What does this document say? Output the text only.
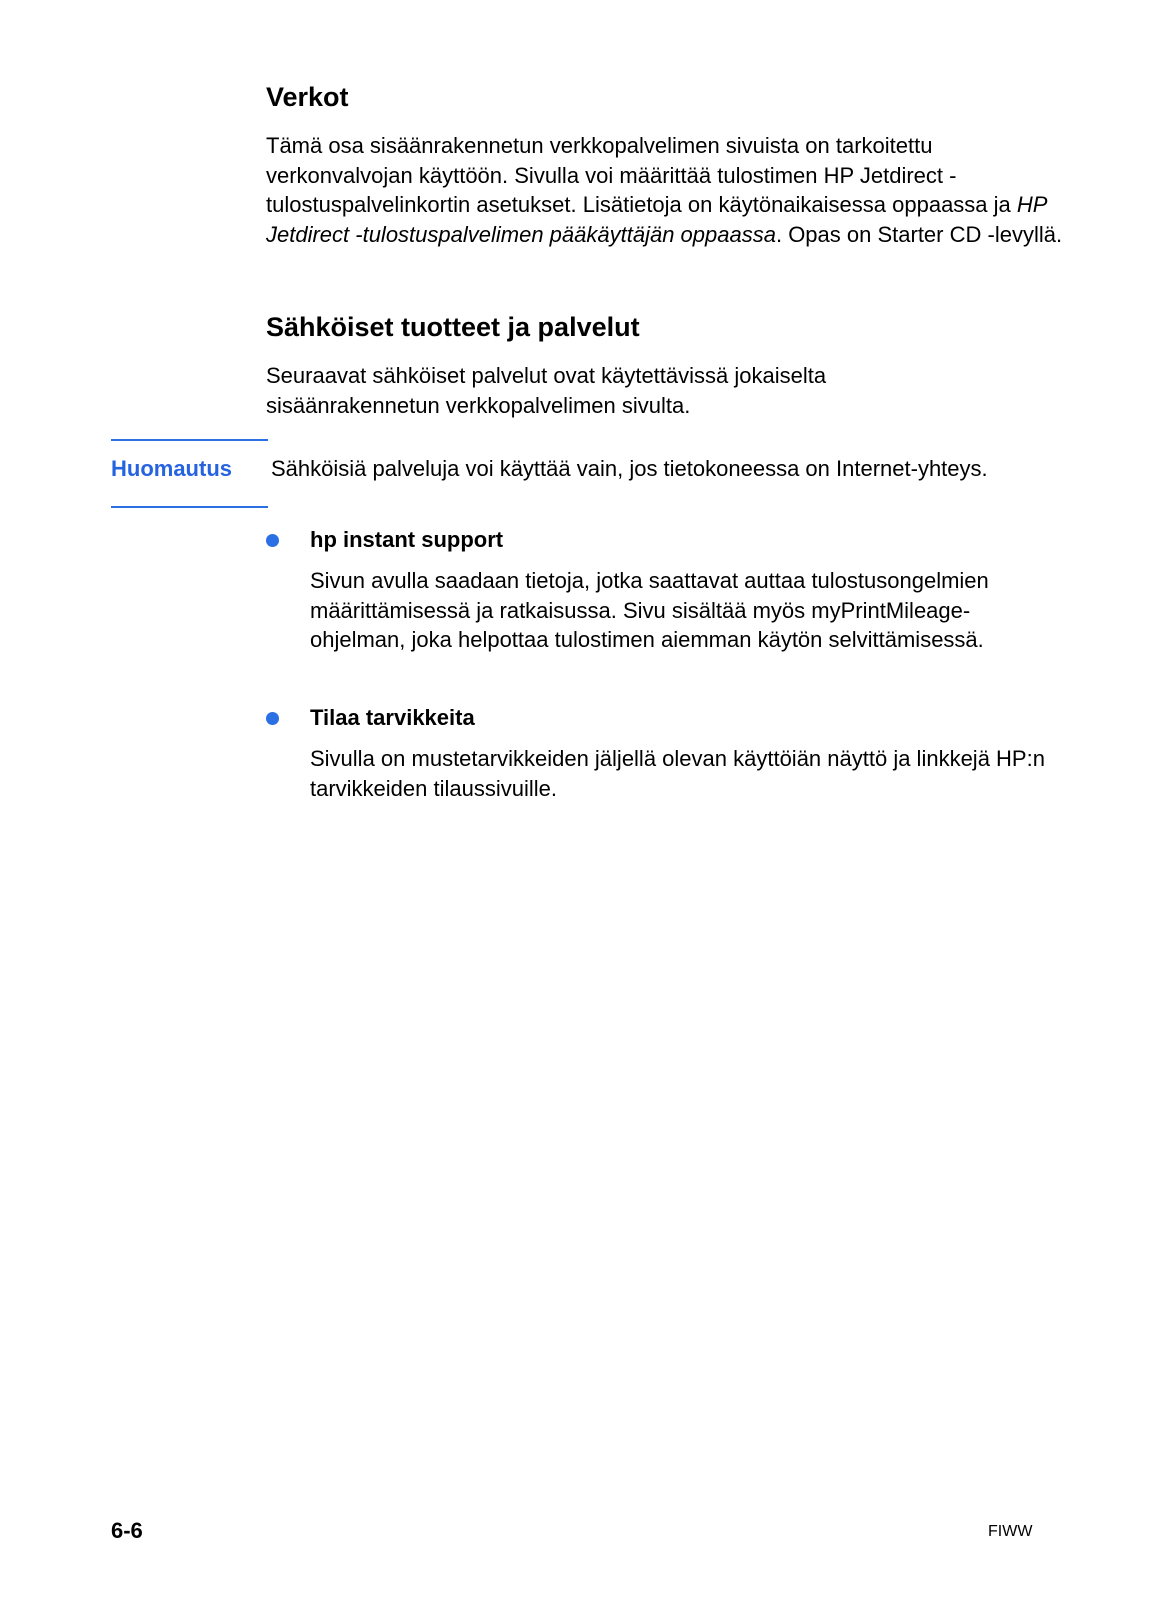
Verkot

Tämä osa sisäänrakennetun verkkopalvelimen sivuista on tarkoitettu verkonvalvojan käyttöön. Sivulla voi määrittää tulostimen HP Jetdirect -tulostuspalvelinkortin asetukset. Lisätietoja on käytönaikaisessa oppaassa ja HP Jetdirect -tulostuspalvelimen pääkäyttäjän oppaassa. Opas on Starter CD -levyllä.

Sähköiset tuotteet ja palvelut

Seuraavat sähköiset palvelut ovat käytettävissä jokaiselta sisäänrakennetun verkkopalvelimen sivulta.

Huomautus Sähköisiä palveluja voi käyttää vain, jos tietokoneessa on Internet-yhteys.

hp instant support

Sivun avulla saadaan tietoja, jotka saattavat auttaa tulostusongelmien määrittämisessä ja ratkaisussa. Sivu sisältää myös myPrintMileage-ohjelman, joka helpottaa tulostimen aiemman käytön selvittämisessä.

Tilaa tarvikkeita

Sivulla on mustetarvikkeiden jäljellä olevan käyttöiän näyttö ja linkkejä HP:n tarvikkeiden tilaussivuille.

6-6	FIWW
